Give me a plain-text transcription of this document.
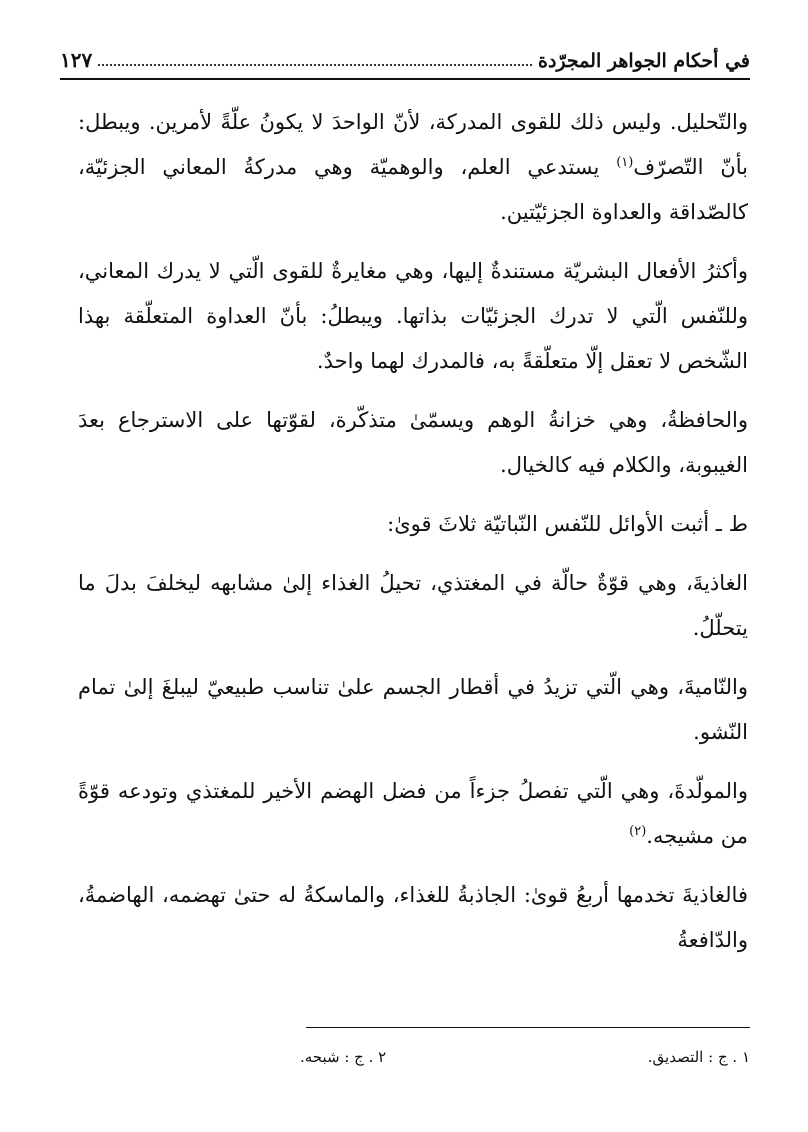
في أحكام الجواهر المجرّدة
١٢٧

والتّحليل. وليس ذلك للقوى المدركة، لأنّ الواحدَ لا يكونُ علّةً لأمرين. ويبطل: بأنّ التّصرّف$^{(١)}$ يستدعي العلم، والوهميّة وهي مدركةُ المعاني الجزئيّة، كالصّداقة والعداوة الجزئيّتين.

وأكثرُ الأفعال البشريّة مستندةٌ إليها، وهي مغايرةٌ للقوى الّتي لا يدرك المعاني، وللنّفس الّتي لا تدرك الجزئيّات بذاتها. ويبطلُ: بأنّ العداوة المتعلّقة بهذا الشّخص لا تعقل إلّا متعلّقةً به، فالمدرك لهما واحدٌ.

والحافظةُ، وهي خزانةُ الوهم ويسمّىٰ متذكّرة، لقوّتها على الاسترجاع بعدَ الغيبوبة، والكلام فيه كالخيال.

ط ـ أثبت الأوائل للنّفس النّباتيّة ثلاثَ قوىٰ:

الغاذيةَ، وهي قوّةٌ حالّة في المغتذي، تحيلُ الغذاء إلىٰ مشابهه ليخلفَ بدلَ ما يتحلّلُ.

والنّاميةَ، وهي الّتي تزيدُ في أقطار الجسم علىٰ تناسب طبيعيّ ليبلغَ إلىٰ تمام النّشو.

والمولّدةَ، وهي الّتي تفصلُ جزءاً من فضل الهضم الأخير للمغتذي وتودعه قوّةً من مشيجه.$^{(٢)}$

فالغاذيةَ تخدمها أربعُ قوىٰ: الجاذبةُ للغذاء، والماسكةُ له حتىٰ تهضمه، الهاضمةُ، والدّافعةُ

١ . ج : التصديق.
٢ . ج : شبحه.
